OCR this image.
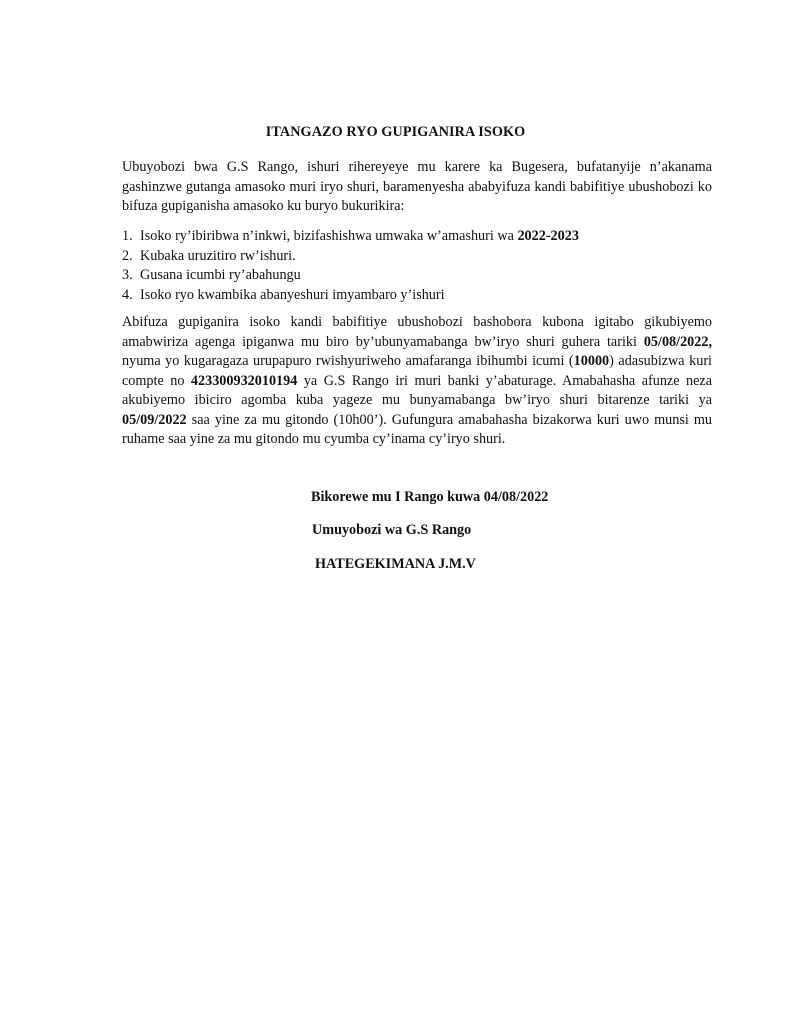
ITANGAZO RYO GUPIGANIRA ISOKO

Ubuyobozi bwa G.S Rango, ishuri rihereyeye mu karere ka Bugesera, bufatanyije n’akanama gashinzwe gutanga amasoko muri iryo shuri, baramenyesha ababyifuza kandi babifitiye ubushobozi ko bifuza gupiganisha amasoko ku buryo bukurikira:

1. Isoko ry’ibiribwa n’inkwi, bizifashishwa umwaka w’amashuri wa 2022-2023
2. Kubaka uruzitiro rw’ishuri.
3. Gusana icumbi ry’abahungu
4. Isoko ryo kwambika abanyeshuri imyambaro y’ishuri

Abifuza gupiganira isoko kandi babifitiye ubushobozi bashobora kubona igitabo gikubiyemo amabwiriza agenga ipiganwa mu biro by’ubunyamabanga bw’iryo shuri guhera tariki 05/08/2022, nyuma yo kugaragaza urupapuro rwishyuriweho amafaranga ibihumbi icumi (10000) adasubizwa kuri compte no 423300932010194 ya G.S Rango iri muri banki y’abaturage. Amabahasha afunze neza akubiyemo ibiciro agomba kuba yageze mu bunyamabanga bw’iryo shuri bitarenze tariki ya 05/09/2022 saa yine za mu gitondo (10h00’). Gufungura amabahasha bizakorwa kuri uwo munsi mu ruhame saa yine za mu gitondo mu cyumba cy’inama cy’iryo shuri.

Bikorewe mu I Rango kuwa 04/08/2022
Umuyobozi wa G.S Rango
HATEGEKIMANA J.M.V
